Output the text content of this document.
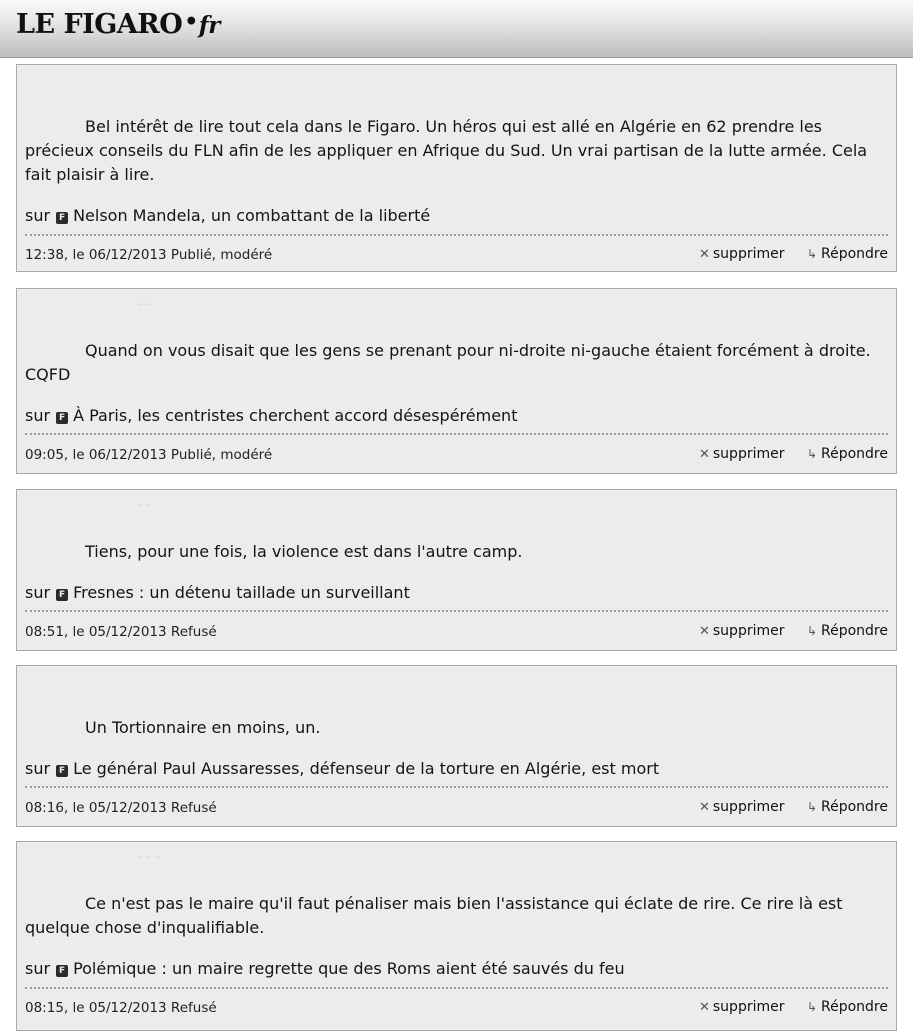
LE FIGARO•fr
Bel intérêt de lire tout cela dans le Figaro. Un héros qui est allé en Algérie en 62 prendre les précieux conseils du FLN afin de les appliquer en Afrique du Sud. Un vrai partisan de la lutte armée. Cela fait plaisir à lire.
sur F Nelson Mandela, un combattant de la liberté
12:38, le 06/12/2013 Publié, modéré	✕ supprimer ↳ Répondre
– –
Quand on vous disait que les gens se prenant pour ni-droite ni-gauche étaient forcément à droite. CQFD
sur F À Paris, les centristes cherchent accord désespérément
09:05, le 06/12/2013 Publié, modéré	✕ supprimer ↳ Répondre
– –
Tiens, pour une fois, la violence est dans l'autre camp.
sur F Fresnes : un détenu taillade un surveillant
08:51, le 05/12/2013 Refusé	✕ supprimer ↳ Répondre
Un Tortionnaire en moins, un.
sur F Le général Paul Aussaresses, défenseur de la torture en Algérie, est mort
08:16, le 05/12/2013 Refusé	✕ supprimer ↳ Répondre
– – –
Ce n'est pas le maire qu'il faut pénaliser mais bien l'assistance qui éclate de rire. Ce rire là est quelque chose d'inqualifiable.
sur F Polémique : un maire regrette que des Roms aient été sauvés du feu
08:15, le 05/12/2013 Refusé	✕ supprimer ↳ Répondre
